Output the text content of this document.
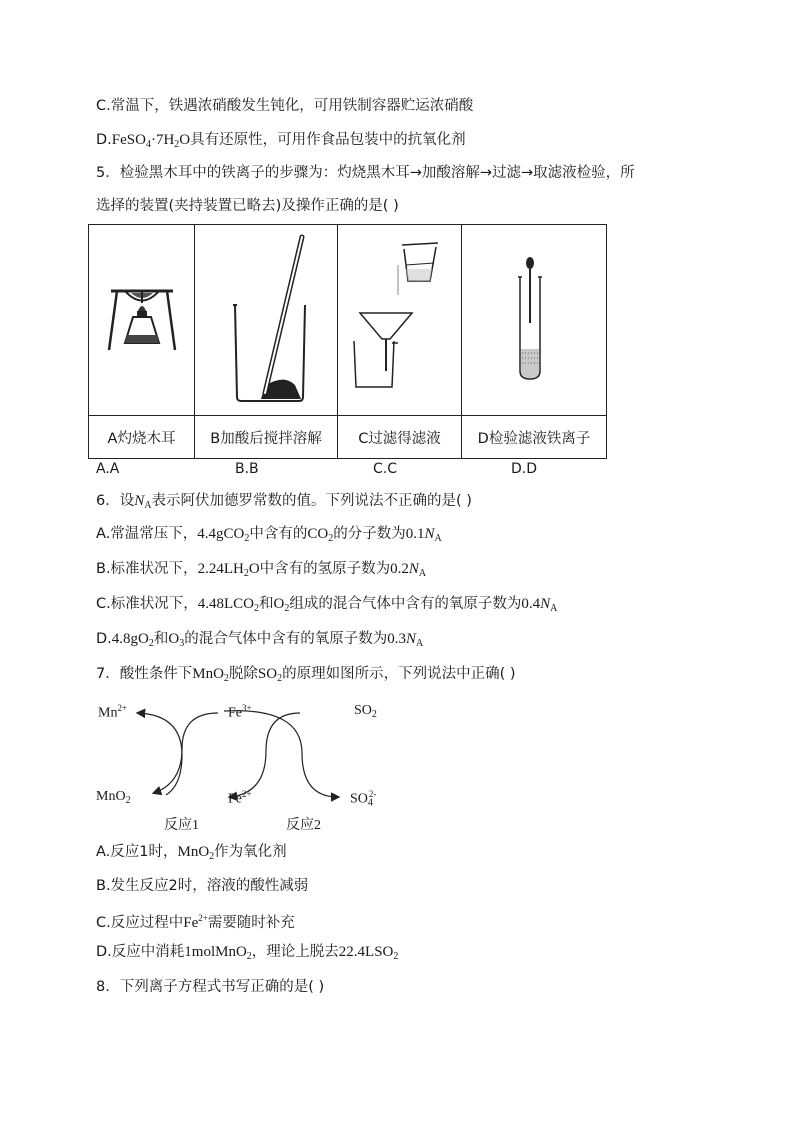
C.常温下，铁遇浓硝酸发生钝化，可用铁制容器贮运浓硝酸
$D.FeSO_4\cdot 7H_2O$具有还原性，可用作食品包装中的抗氧化剂
5．检验黑木耳中的铁离子的步骤为：灼烧黑木耳→加酸溶解→过滤→取滤液检验，所
选择的装置(夹持装置已略去)及操作正确的是( )

A灼烧木耳	B加酸后搅拌溶解	C过滤得滤液	D检验滤液铁离子
A.A	B.B	C.C	D.D
6．设$N_A$表示阿伏加德罗常数的值。下列说法不正确的是( )
A.常温常压下，4.4gCO$_2$中含有的$CO_2$的分子数为$0.1N_A$
B.标准状况下，$2.24LH_2O$中含有的氢原子数为$0.2N_A$
C.标准状况下，$4.48LCO_2$和$O_2$组成的混合气体中含有的氧原子数为$0.4N_A$
$D.4.8gO_2$和$O_3$的混合气体中含有的氧原子数为$0.3N_A$
7．酸性条件下MnO$_2$脱除$SO_2$的原理如图所示，下列说法中正确( )
$Mn^{2+}$	$Fe^{3+}$	$SO_2$
MnO$_2$	$Fe^{2+}$	$SO_4^{2-}$
反应1	反应2
A.反应1时，MnO$_2$作为氧化剂
B.发生反应2时，溶液的酸性减弱
C.反应过程中$Fe^{2+}$需要随时补充
D.反应中消耗1molMnO$_2$，理论上脱去$22.4LSO_2$
8．下列离子方程式书写正确的是( )
